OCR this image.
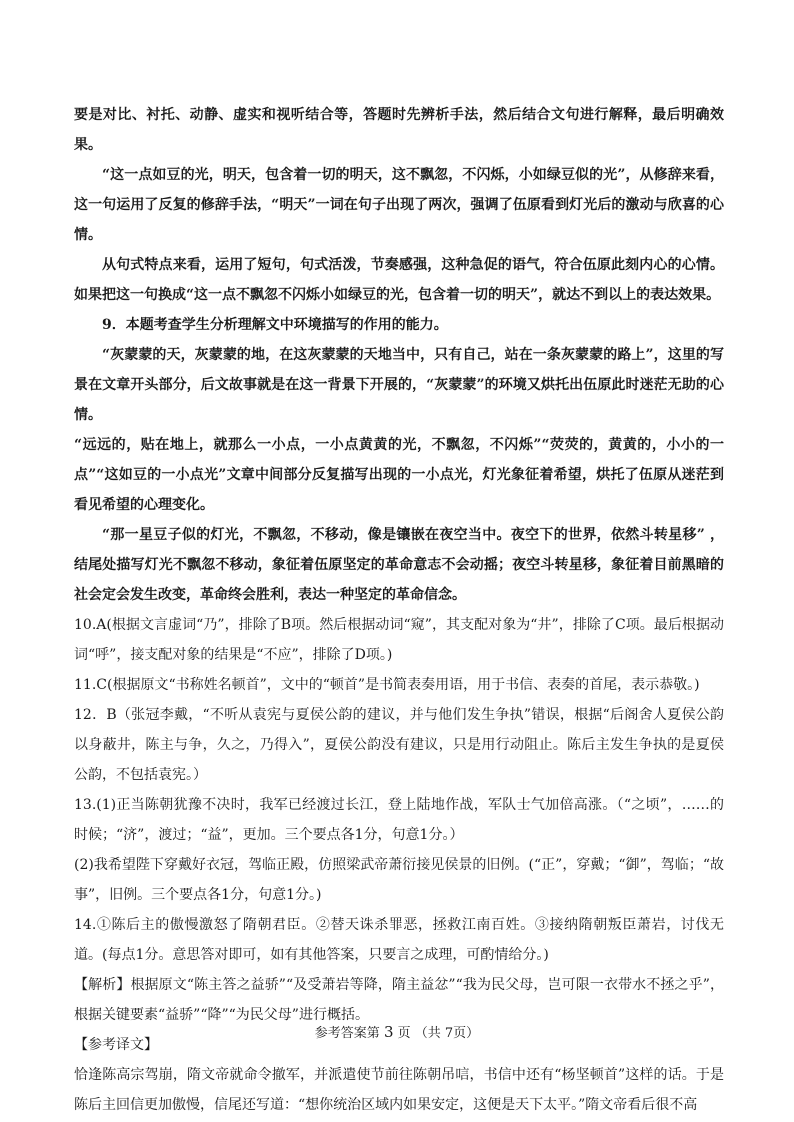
要是对比、衬托、动静、虚实和视听结合等，答题时先辨析手法，然后结合文句进行解释，最后明确效果。

“这一点如豆的光，明天，包含着一切的明天，这不飘忽，不闪烁，小如绿豆似的光”，从修辞来看，这一句运用了反复的修辞手法，“明天”一词在句子出现了两次，强调了伍原看到灯光后的激动与欣喜的心情。

从句式特点来看，运用了短句，句式活泼，节奏感强，这种急促的语气，符合伍原此刻内心的心情。如果把这一句换成“这一点不飘忽不闪烁小如绿豆的光，包含着一切的明天”，就达不到以上的表达效果。

9．本题考查学生分析理解文中环境描写的作用的能力。

“灰蒙蒙的天，灰蒙蒙的地，在这灰蒙蒙的天地当中，只有自己，站在一条灰蒙蒙的路上”，这里的写景在文章开头部分，后文故事就是在这一背景下开展的，“灰蒙蒙”的环境又烘托出伍原此时迷茫无助的心情。

“远远的，贴在地上，就那么一小点，一小点黄黄的光，不飘忽，不闪烁”“荧荧的，黄黄的，小小的一点”“这如豆的一小点光”文章中间部分反复描写出现的一小点光，灯光象征着希望，烘托了伍原从迷茫到看见希望的心理变化。

“那一星豆子似的灯光，不飘忽，不移动，像是镶嵌在夜空当中。夜空下的世界，依然斗转星移” ，结尾处描写灯光不飘忽不移动，象征着伍原坚定的革命意志不会动摇；夜空斗转星移，象征着目前黑暗的社会定会发生改变，革命终会胜利，表达一种坚定的革命信念。

10.A(根据文言虚词“乃”，排除了B项。然后根据动词“窥”，其支配对象为“井”，排除了C项。最后根据动词“呼”，接支配对象的结果是“不应”，排除了D项。)

11.C(根据原文“书称姓名顿首”，文中的“顿首”是书简表奏用语，用于书信、表奏的首尾，表示恭敬。)

12．B（张冠李戴，“不听从袁宪与夏侯公韵的建议，并与他们发生争执”错误，根据“后阁舍人夏侯公韵以身蔽井，陈主与争，久之，乃得入”，夏侯公韵没有建议，只是用行动阻止。陈后主发生争执的是夏侯公韵，不包括袁宪。）

13.(1)正当陈朝犹豫不决时，我军已经渡过长江，登上陆地作战，军队士气加倍高涨。（“之顷”，……的时候；“济”，渡过；“益”，更加。三个要点各1分，句意1分。）

(2)我希望陛下穿戴好衣冠，驾临正殿，仿照梁武帝萧衍接见侯景的旧例。(“正”，穿戴；“御”，驾临；“故事”，旧例。三个要点各1分，句意1分。)

14.①陈后主的傲慢激怒了隋朝君臣。②替天诛杀罪恶，拯救江南百姓。③接纳隋朝叛臣萧岩，讨伐无道。(每点1分。意思答对即可，如有其他答案，只要言之成理，可酌情给分。)

【解析】根据原文“陈主答之益骄”“及受萧岩等降，隋主益忿”“我为民父母，岂可限一衣带水不拯之乎”，根据关键要素“益骄”“降”“为民父母”进行概括。

【参考译文】

恰逢陈高宗驾崩，隋文帝就命令撤军，并派遣使节前往陈朝吊唁，书信中还有“杨坚顿首”这样的话。于是陈后主回信更加傲慢，信尾还写道：“想你统治区域内如果安定，这便是天下太平。”隋文帝看后很不高

参考答案第 3 页 （共 7页）
